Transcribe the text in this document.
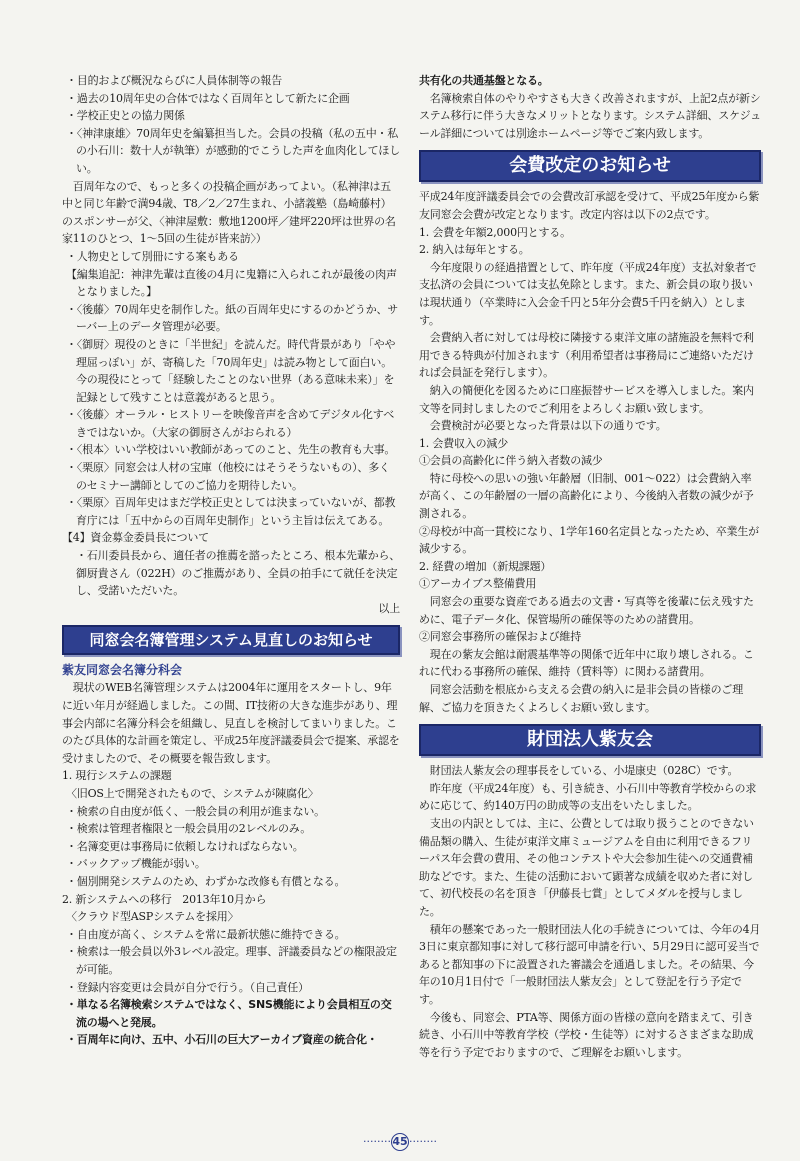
・目的および概況ならびに人員体制等の報告

・過去の10周年史の合体ではなく百周年として新たに企画

・学校正史との協力関係

・〈神津康雄〉70周年史を編纂担当した。会員の投稿（私の五中・私の小石川：数十人が執筆）が感動的でこうした声を血肉化してほしい。

　百周年なので、もっと多くの投稿企画があってよい。（私神津は五中と同じ年齢で満94歳、T8／2／27生まれ、小諸義塾（島崎藤村）のスポンサーが父、〈神津屋敷：敷地1200坪／建坪220坪は世界の名家11のひとつ、1～5回の生徒が皆来訪〉）

・人物史として別冊にする案もある

【編集追記：神津先輩は直後の4月に鬼籍に入られこれが最後の肉声となりました。】

・〈後藤〉70周年史を制作した。紙の百周年史にするのかどうか、サーバー上のデータ管理が必要。

・〈御厨〉現役のときに「半世紀」を読んだ。時代背景があり「やや理屈っぽい」が、寄稿した「70周年史」は読み物として面白い。今の現役にとって「経験したことのない世界（ある意味未来）」を記録として残すことは意義があると思う。

・〈後藤〉オーラル・ヒストリーを映像音声を含めてデジタル化すべきではないか。（大家の御厨さんがおられる）

・〈根本〉いい学校はいい教師があってのこと、先生の教育も大事。

・〈栗原〉同窓会は人材の宝庫（他校にはそうそうないもの）、多くのセミナー講師としてのご協力を期待したい。

・〈栗原〉百周年史はまだ学校正史としては決まっていないが、都教育庁には「五中からの百周年史制作」という主旨は伝えてある。

【4】資金募金委員長について

・石川委員長から、適任者の推薦を諮ったところ、根本先輩から、御厨貴さん（022H）のご推薦があり、全員の拍手にて就任を決定し、受諾いただいた。

以上

同窓会名簿管理システム見直しのお知らせ
紫友同窓会名簿分科会

　現状のWEB名簿管理システムは2004年に運用をスタートし、9年に近い年月が経過しました。この間、IT技術の大きな進歩があり、理事会内部に名簿分科会を組織し、見直しを検討してまいりました。このたび具体的な計画を策定し、平成25年度評議委員会で提案、承認を受けましたので、その概要を報告致します。

1. 現行システムの課題

〈旧OS上で開発されたもので、システムが陳腐化〉

・検索の自由度が低く、一般会員の利用が進まない。

・検索は管理者権限と一般会員用の2レベルのみ。

・名簿変更は事務局に依頼しなければならない。

・バックアップ機能が弱い。

・個別開発システムのため、わずかな改修も有償となる。

2. 新システムへの移行　2013年10月から

〈クラウド型ASPシステムを採用〉

・自由度が高く、システムを常に最新状態に維持できる。

・検索は一般会員以外3レベル設定。理事、評議委員などの権限設定が可能。

・登録内容変更は会員が自分で行う。（自己責任）

・単なる名簿検索システムではなく、SNS機能により会員相互の交流の場へと発展。

・百周年に向け、五中、小石川の巨大アーカイブ資産の統合化・

共有化の共通基盤となる。

　名簿検索自体のやりやすさも大きく改善されますが、上記2点が新システム移行に伴う大きなメリットとなります。システム詳細、スケジュール詳細については別途ホームページ等でご案内致します。

会費改定のお知らせ

平成24年度評議委員会での会費改訂承認を受けて、平成25年度から紫友同窓会会費が改定となります。改定内容は以下の2点です。

1. 会費を年額2,000円とする。

2. 納入は毎年とする。

　今年度限りの経過措置として、昨年度（平成24年度）支払対象者で支払済の会員については支払免除とします。また、新会員の取り扱いは現状通り（卒業時に入会金千円と5年分会費5千円を納入）とします。

　会費納入者に対しては母校に隣接する東洋文庫の諸施設を無料で利用できる特典が付加されます（利用希望者は事務局にご連絡いただければ会員証を発行します）。

　納入の簡便化を図るために口座振替サービスを導入しました。案内文等を同封しましたのでご利用をよろしくお願い致します。

　会費検討が必要となった背景は以下の通りです。

1. 会費収入の減少

①会員の高齢化に伴う納入者数の減少

　特に母校への思いの強い年齢層（旧制、001～022）は会費納入率が高く、この年齢層の一層の高齢化により、今後納入者数の減少が予測される。

②母校が中高一貫校になり、1学年160名定員となったため、卒業生が減少する。

2. 経費の増加（新規課題）

①アーカイブス整備費用

　同窓会の重要な資産である過去の文書・写真等を後輩に伝え残すために、電子データ化、保管場所の確保等のための諸費用。

②同窓会事務所の確保および維持

　現在の紫友会館は耐震基準等の関係で近年中に取り壊しされる。これに代わる事務所の確保、維持（賃料等）に関わる諸費用。

　同窓会活動を根底から支える会費の納入に是非会員の皆様のご理解、ご協力を頂きたくよろしくお願い致します。

財団法人紫友会

　財団法人紫友会の理事長をしている、小堤康史（028C）です。

　昨年度（平成24年度）も、引き続き、小石川中等教育学校からの求めに応じて、約140万円の助成等の支出をいたしました。

　支出の内訳としては、主に、公費としては取り扱うことのできない備品類の購入、生徒が東洋文庫ミュージアムを自由に利用できるフリーパス年会費の費用、その他コンテストや大会参加生徒への交通費補助などです。また、生徒の活動において顕著な成績を収めた者に対して、初代校長の名を頂き「伊藤長七賞」としてメダルを授与しました。

　積年の懸案であった一般財団法人化の手続きについては、今年の4月3日に東京都知事に対して移行認可申請を行い、5月29日に認可妥当であると都知事の下に設置された審議会を通過しました。その結果、今年の10月1日付で「一般財団法人紫友会」として登記を行う予定です。

　今後も、同窓会、PTA等、関係方面の皆様の意向を踏まえて、引き続き、小石川中等教育学校（学校・生徒等）に対するさまざまな助成等を行う予定でおりますので、ご理解をお願いします。

········45········
